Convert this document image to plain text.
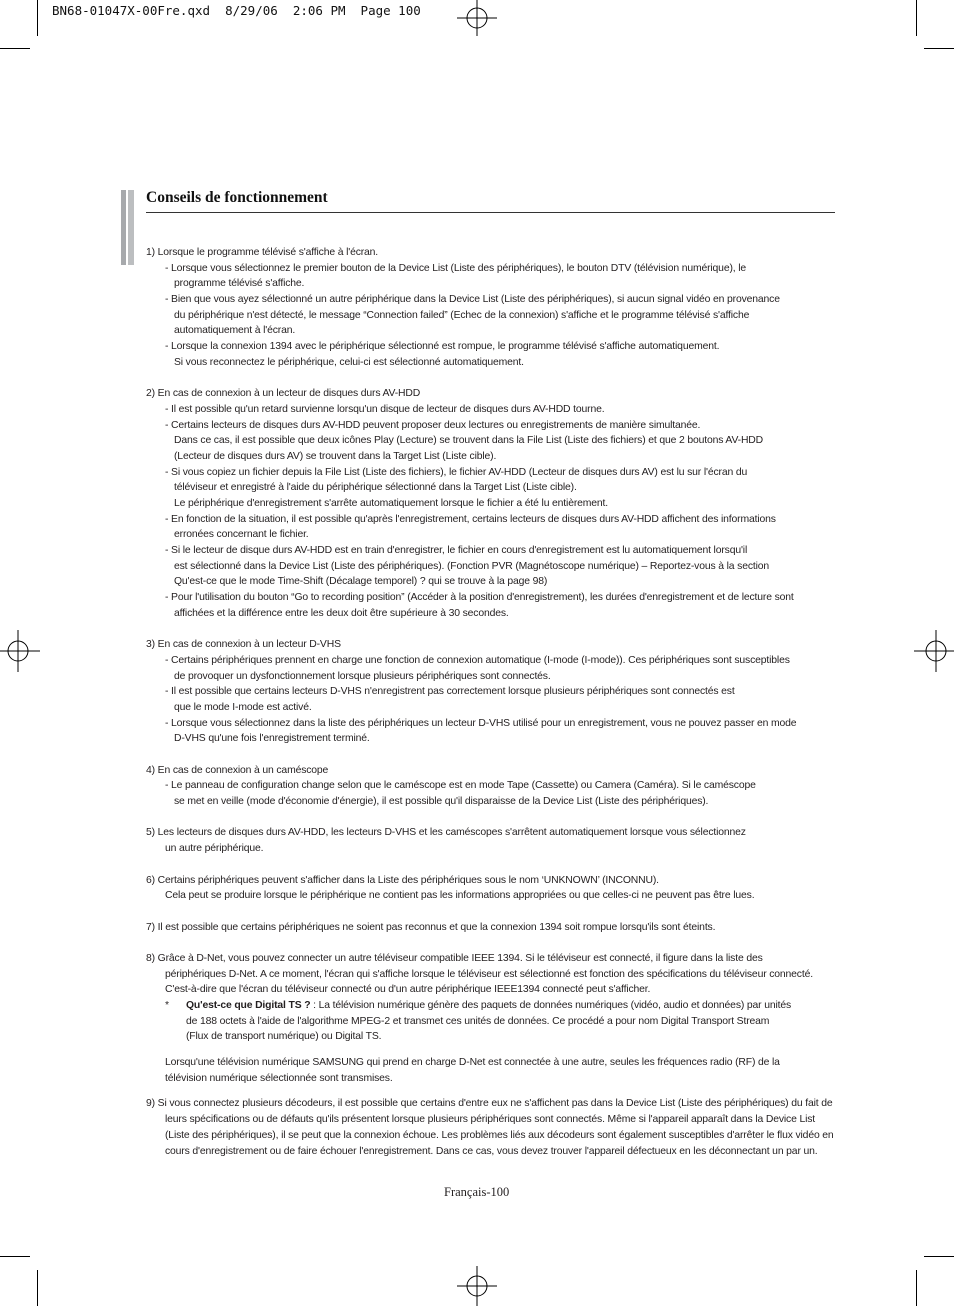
BN68-01047X-00Fre.qxd  8/29/06  2:06 PM  Page 100
Conseils de fonctionnement
1) Lorsque le programme télévisé s'affiche à l'écran.
- Lorsque vous sélectionnez le premier bouton de la Device List (Liste des périphériques), le bouton DTV (télévision numérique), le
programme télévisé s'affiche.
- Bien que vous ayez sélectionné un autre périphérique dans la Device List (Liste des périphériques), si aucun signal vidéo en provenance
du périphérique n'est détecté, le message “Connection failed” (Echec de la connexion) s'affiche et le programme télévisé s'affiche
automatiquement à l'écran.
- Lorsque la connexion 1394 avec le périphérique sélectionné est rompue, le programme télévisé s'affiche automatiquement.
Si vous reconnectez le périphérique, celui-ci est sélectionné automatiquement.
2) En cas de connexion à un lecteur de disques durs AV-HDD
- Il est possible qu'un retard survienne lorsqu'un disque de lecteur de disques durs AV-HDD tourne.
- Certains lecteurs de disques durs AV-HDD peuvent proposer deux lectures ou enregistrements de manière simultanée.
Dans ce cas, il est possible que deux icônes Play (Lecture) se trouvent dans la File List (Liste des fichiers) et que 2 boutons AV-HDD
(Lecteur de disques durs AV) se trouvent dans la Target List (Liste cible).
- Si vous copiez un fichier depuis la File List (Liste des fichiers), le fichier AV-HDD (Lecteur de disques durs AV) est lu sur l'écran du
téléviseur et enregistré à l'aide du périphérique sélectionné dans la Target List (Liste cible).
Le périphérique d'enregistrement s'arrête automatiquement lorsque le fichier a été lu entièrement.
- En fonction de la situation, il est possible qu'après l'enregistrement, certains lecteurs de disques durs AV-HDD affichent des informations
erronées concernant le fichier.
- Si le lecteur de disque durs AV-HDD est en train d'enregistrer, le fichier en cours d'enregistrement est lu automatiquement lorsqu'il
est sélectionné dans la Device List (Liste des périphériques). (Fonction PVR (Magnétoscope numérique) – Reportez-vous à la section
Qu'est-ce que le mode Time-Shift (Décalage temporel) ? qui se trouve à la page 98)
- Pour l'utilisation du bouton “Go to recording position” (Accéder à la position d'enregistrement), les durées d'enregistrement et de lecture sont
affichées et la différence entre les deux doit être supérieure à 30 secondes.
3) En cas de connexion à un lecteur D-VHS
- Certains périphériques prennent en charge une fonction de connexion automatique (I-mode (I-mode)). Ces périphériques sont susceptibles
de provoquer un dysfonctionnement lorsque plusieurs périphériques sont connectés.
- Il est possible que certains lecteurs D-VHS n'enregistrent pas correctement lorsque plusieurs périphériques sont connectés est
que le mode I-mode est activé.
- Lorsque vous sélectionnez dans la liste des périphériques un lecteur D-VHS utilisé pour un enregistrement, vous ne pouvez passer en mode
D-VHS qu'une fois l'enregistrement terminé.
4) En cas de connexion à un caméscope
- Le panneau de configuration change selon que le caméscope est en mode Tape (Cassette) ou Camera (Caméra). Si le caméscope
se met en veille (mode d'économie d'énergie), il est possible qu'il disparaisse de la Device List (Liste des périphériques).
5) Les lecteurs de disques durs AV-HDD, les lecteurs D-VHS et les caméscopes s'arrêtent automatiquement lorsque vous sélectionnez
un autre périphérique.
6) Certains périphériques peuvent s'afficher dans la Liste des périphériques sous le nom ‘UNKNOWN’ (INCONNU).
Cela peut se produire lorsque le périphérique ne contient pas les informations appropriées ou que celles-ci ne peuvent pas être lues.
7) Il est possible que certains périphériques ne soient pas reconnus et que la connexion 1394 soit rompue lorsqu'ils sont éteints.
8) Grâce à D-Net, vous pouvez connecter un autre téléviseur compatible IEEE 1394. Si le téléviseur est connecté, il figure dans la liste des
périphériques D-Net. A ce moment, l'écran qui s'affiche lorsque le téléviseur est sélectionné est fonction des spécifications du téléviseur connecté.
C'est-à-dire que l'écran du téléviseur connecté ou d'un autre périphérique IEEE1394 connecté peut s'afficher.
* Qu'est-ce que Digital TS ? : La télévision numérique génère des paquets de données numériques (vidéo, audio et données) par unités
de 188 octets à l'aide de l'algorithme MPEG-2 et transmet ces unités de données. Ce procédé a pour nom Digital Transport Stream
(Flux de transport numérique) ou Digital TS.
Lorsqu'une télévision numérique SAMSUNG qui prend en charge D-Net est connectée à une autre, seules les fréquences radio (RF) de la
télévision numérique sélectionnée sont transmises.
9) Si vous connectez plusieurs décodeurs, il est possible que certains d'entre eux ne s'affichent pas dans la Device List (Liste des périphériques) du fait de
leurs spécifications ou de défauts qu'ils présentent lorsque plusieurs périphériques sont connectés. Même si l'appareil apparaît dans la Device List
(Liste des périphériques), il se peut que la connexion échoue. Les problèmes liés aux décodeurs sont également susceptibles d'arrêter le flux vidéo en
cours d'enregistrement ou de faire échouer l'enregistrement. Dans ce cas, vous devez trouver l'appareil défectueux en les déconnectant un par un.
Français-100
